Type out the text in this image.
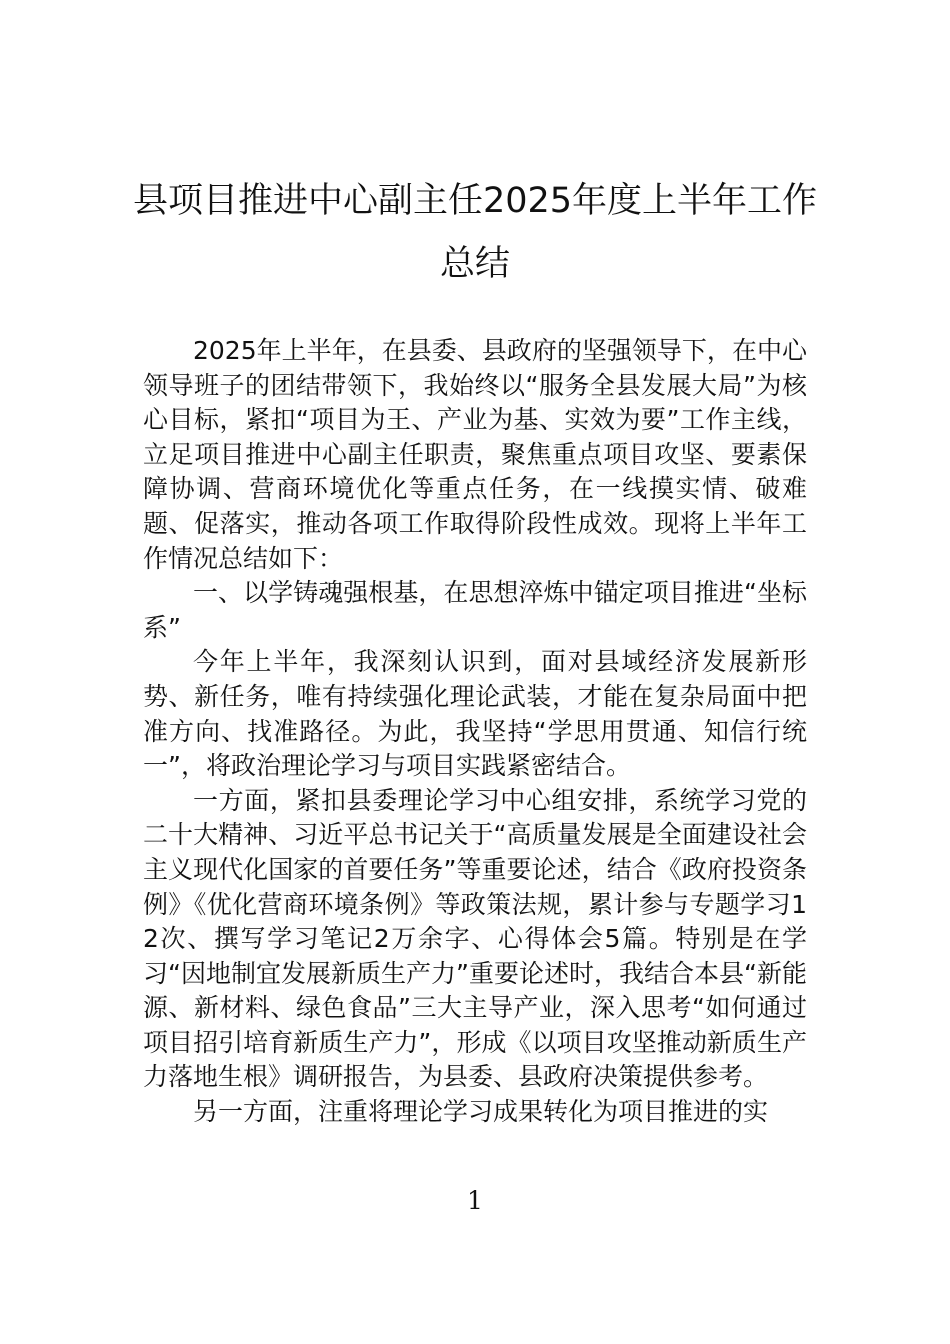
县项目推进中心副主任2025年度上半年工作总结

2025年上半年，在县委、县政府的坚强领导下，在中心领导班子的团结带领下，我始终以“服务全县发展大局”为核心目标，紧扣“项目为王、产业为基、实效为要”工作主线，立足项目推进中心副主任职责，聚焦重点项目攻坚、要素保障协调、营商环境优化等重点任务，在一线摸实情、破难题、促落实，推动各项工作取得阶段性成效。现将上半年工作情况总结如下：

一、以学铸魂强根基，在思想淬炼中锚定项目推进“坐标系”

今年上半年，我深刻认识到，面对县域经济发展新形势、新任务，唯有持续强化理论武装，才能在复杂局面中把准方向、找准路径。为此，我坚持“学思用贯通、知信行统一”，将政治理论学习与项目实践紧密结合。

一方面，紧扣县委理论学习中心组安排，系统学习党的二十大精神、习近平总书记关于“高质量发展是全面建设社会主义现代化国家的首要任务”等重要论述，结合《政府投资条例》《优化营商环境条例》等政策法规，累计参与专题学习12次、撰写学习笔记2万余字、心得体会5篇。特别是在学习“因地制宜发展新质生产力”重要论述时，我结合本县“新能源、新材料、绿色食品”三大主导产业，深入思考“如何通过项目招引培育新质生产力”，形成《以项目攻坚推动新质生产力落地生根》调研报告，为县委、县政府决策提供参考。

另一方面，注重将理论学习成果转化为项目推进的实

1
